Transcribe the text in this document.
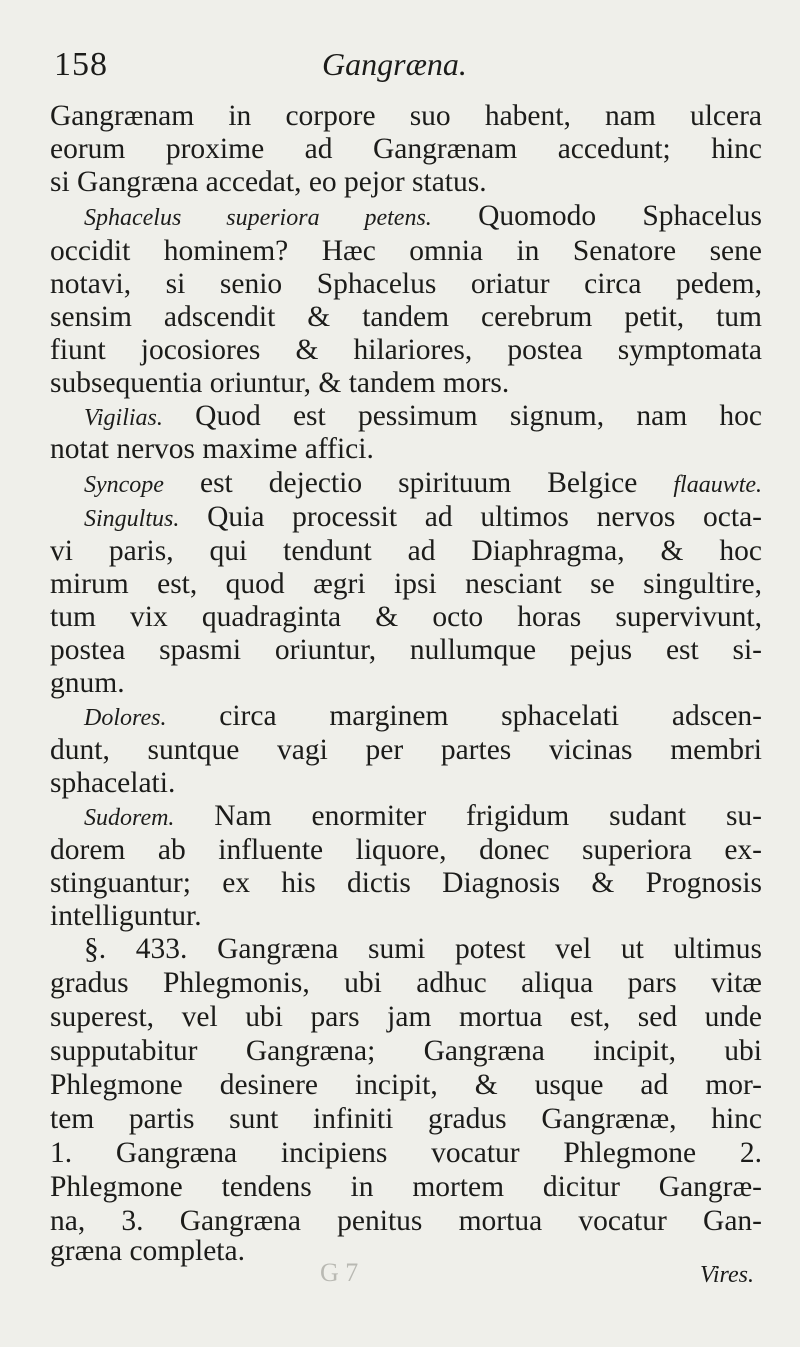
158	Gangræna.
Gangrænam in corpore suo habent, nam ulcera
eorum proxime ad Gangrænam accedunt; hinc
si Gangræna accedat, eo pejor status.
Sphacelus superiora petens. Quomodo Sphacelus
occidit hominem? Hæc omnia in Senatore sene
notavi, si senio Sphacelus oriatur circa pedem,
sensim adscendit & tandem cerebrum petit, tum
fiunt jocosiores & hilariores, postea symptomata
subsequentia oriuntur, & tandem mors.
Vigilias. Quod est pessimum signum, nam hoc
notat nervos maxime affici.
Syncope est dejectio spirituum Belgice flaauwte.
Singultus. Quia processit ad ultimos nervos octa-
vi paris, qui tendunt ad Diaphragma, & hoc
mirum est, quod ægri ipsi nesciant se singultire,
tum vix quadraginta & octo horas supervivunt,
postea spasmi oriuntur, nullumque pejus est si-
gnum.
Dolores. circa marginem sphacelati adscen-
dunt, suntque vagi per partes vicinas membri
sphacelati.
Sudorem. Nam enormiter frigidum sudant su-
dorem ab influente liquore, donec superiora ex-
stinguantur; ex his dictis Diagnosis & Prognosis
intelliguntur.
§. 433. Gangræna sumi potest vel ut ultimus
gradus Phlegmonis, ubi adhuc aliqua pars vitæ
superest, vel ubi pars jam mortua est, sed unde
supputabitur Gangræna; Gangræna incipit, ubi
Phlegmone desinere incipit, & usque ad mor-
tem partis sunt infiniti gradus Gangrænæ, hinc
1. Gangræna incipiens vocatur Phlegmone 2.
Phlegmone tendens in mortem dicitur Gangræ-
na, 3. Gangræna penitus mortua vocatur Gan-
græna completa.
G 7	Vires.
